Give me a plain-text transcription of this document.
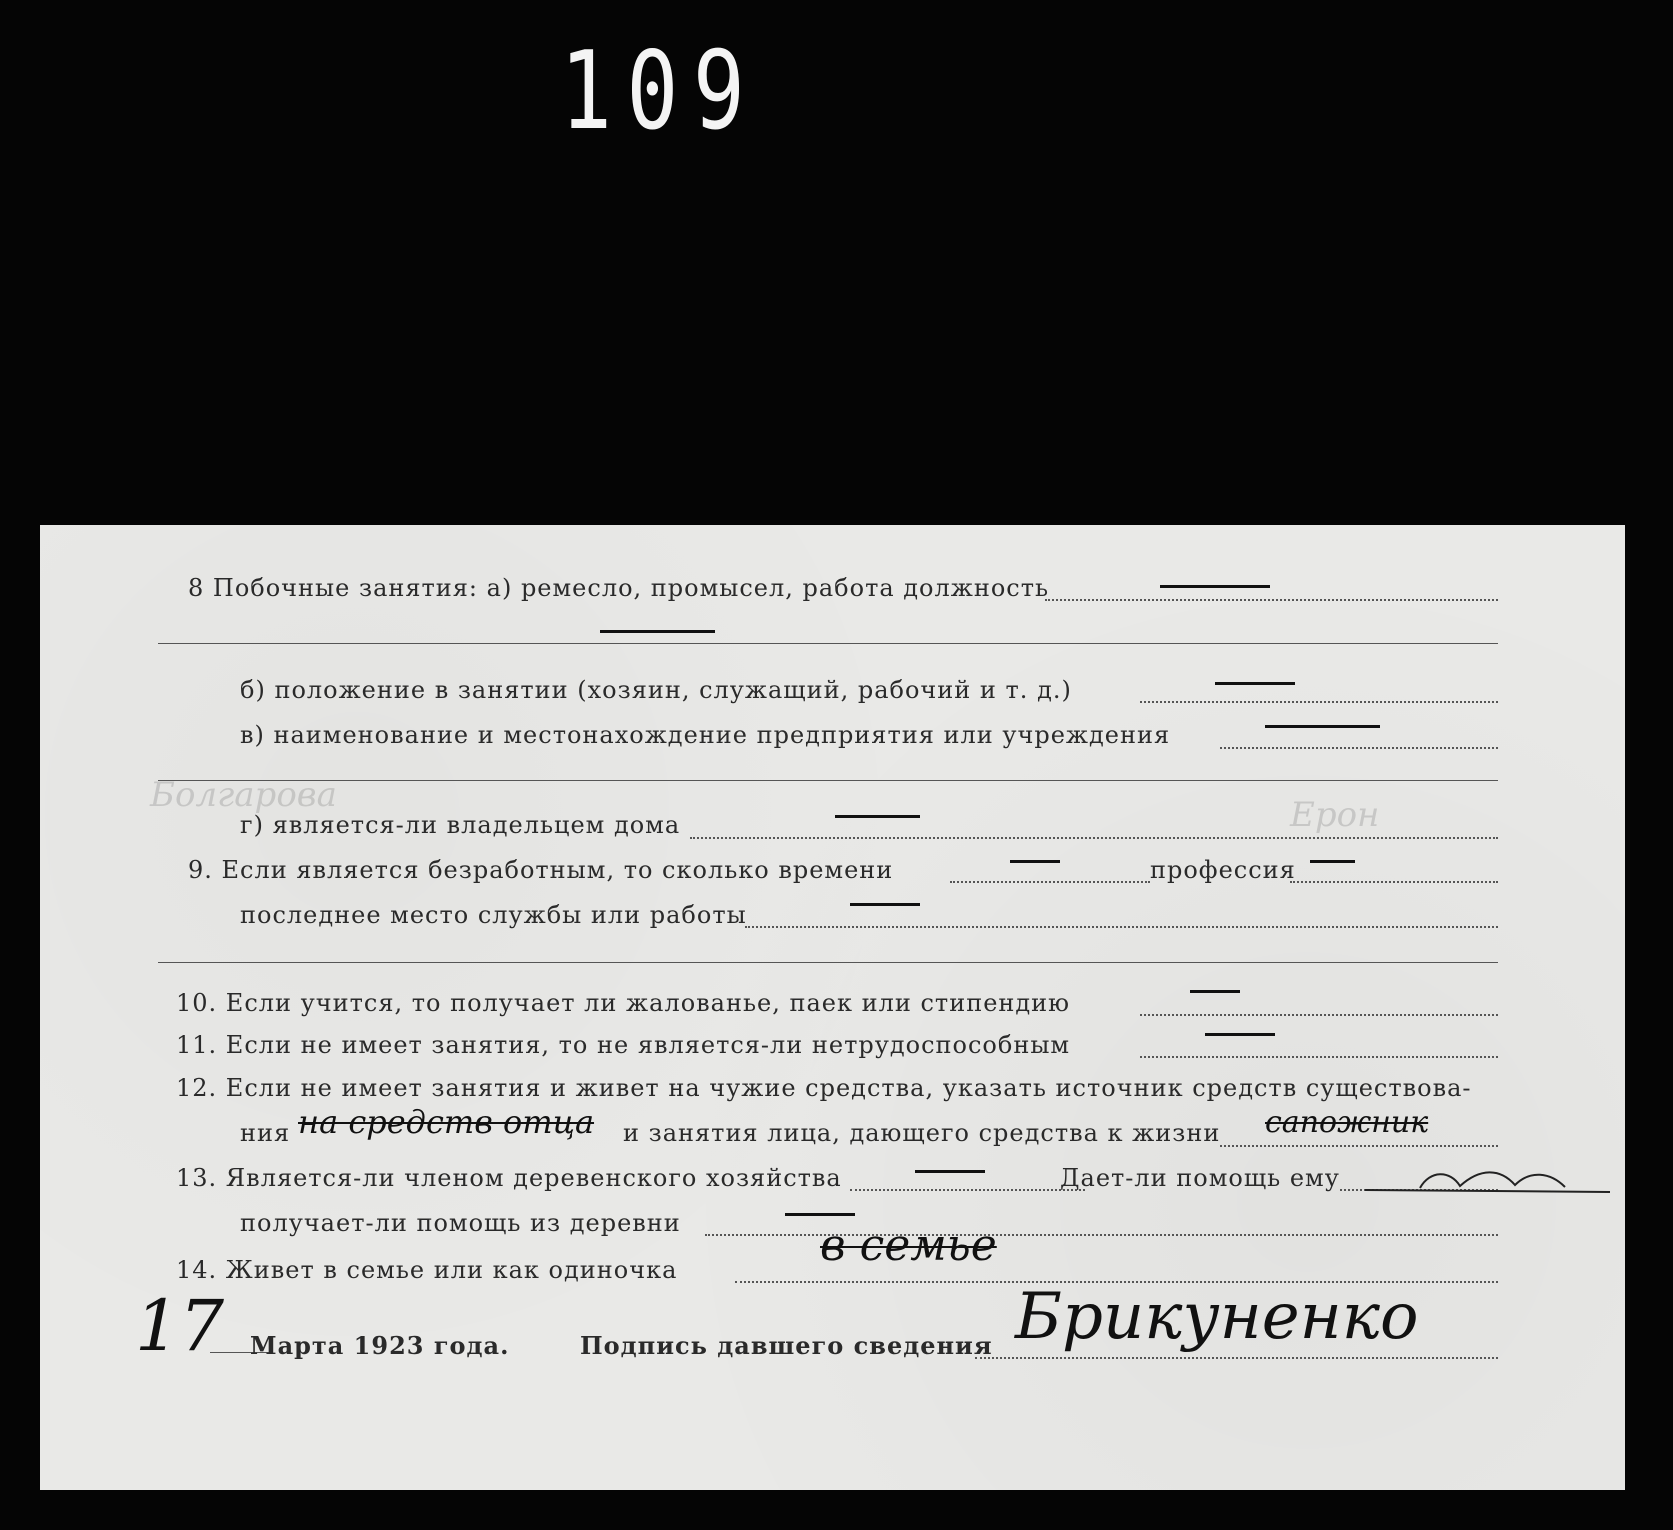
109
Болгарова	Ерон
8 Побочные занятия: а) ремесло, промысел, работа должность
б) положение в занятии (хозяин, служащий, рабочий и т. д.)
в) наименование и местонахождение предприятия или учреждения
г) является-ли владельцем дома
9. Если является безработным, то сколько времени	профессия
последнее место службы или работы
10. Если учится, то получает ли жалованье, паек или стипендию
11. Если не имеет занятия, то не является-ли нетрудоспособным
12. Если не имеет занятия и живет на чужие средства, указать источник средств существова-
ния на средств отца и занятия лица, дающего средства к жизни сапожник
13. Является-ли членом деревенского хозяйства	Дает-ли помощь ему
получает-ли помощь из деревни
14. Живет в семье или как одиночка	в семье
17 Марта 1923 года.	Подпись давшего сведения Брикуненко
